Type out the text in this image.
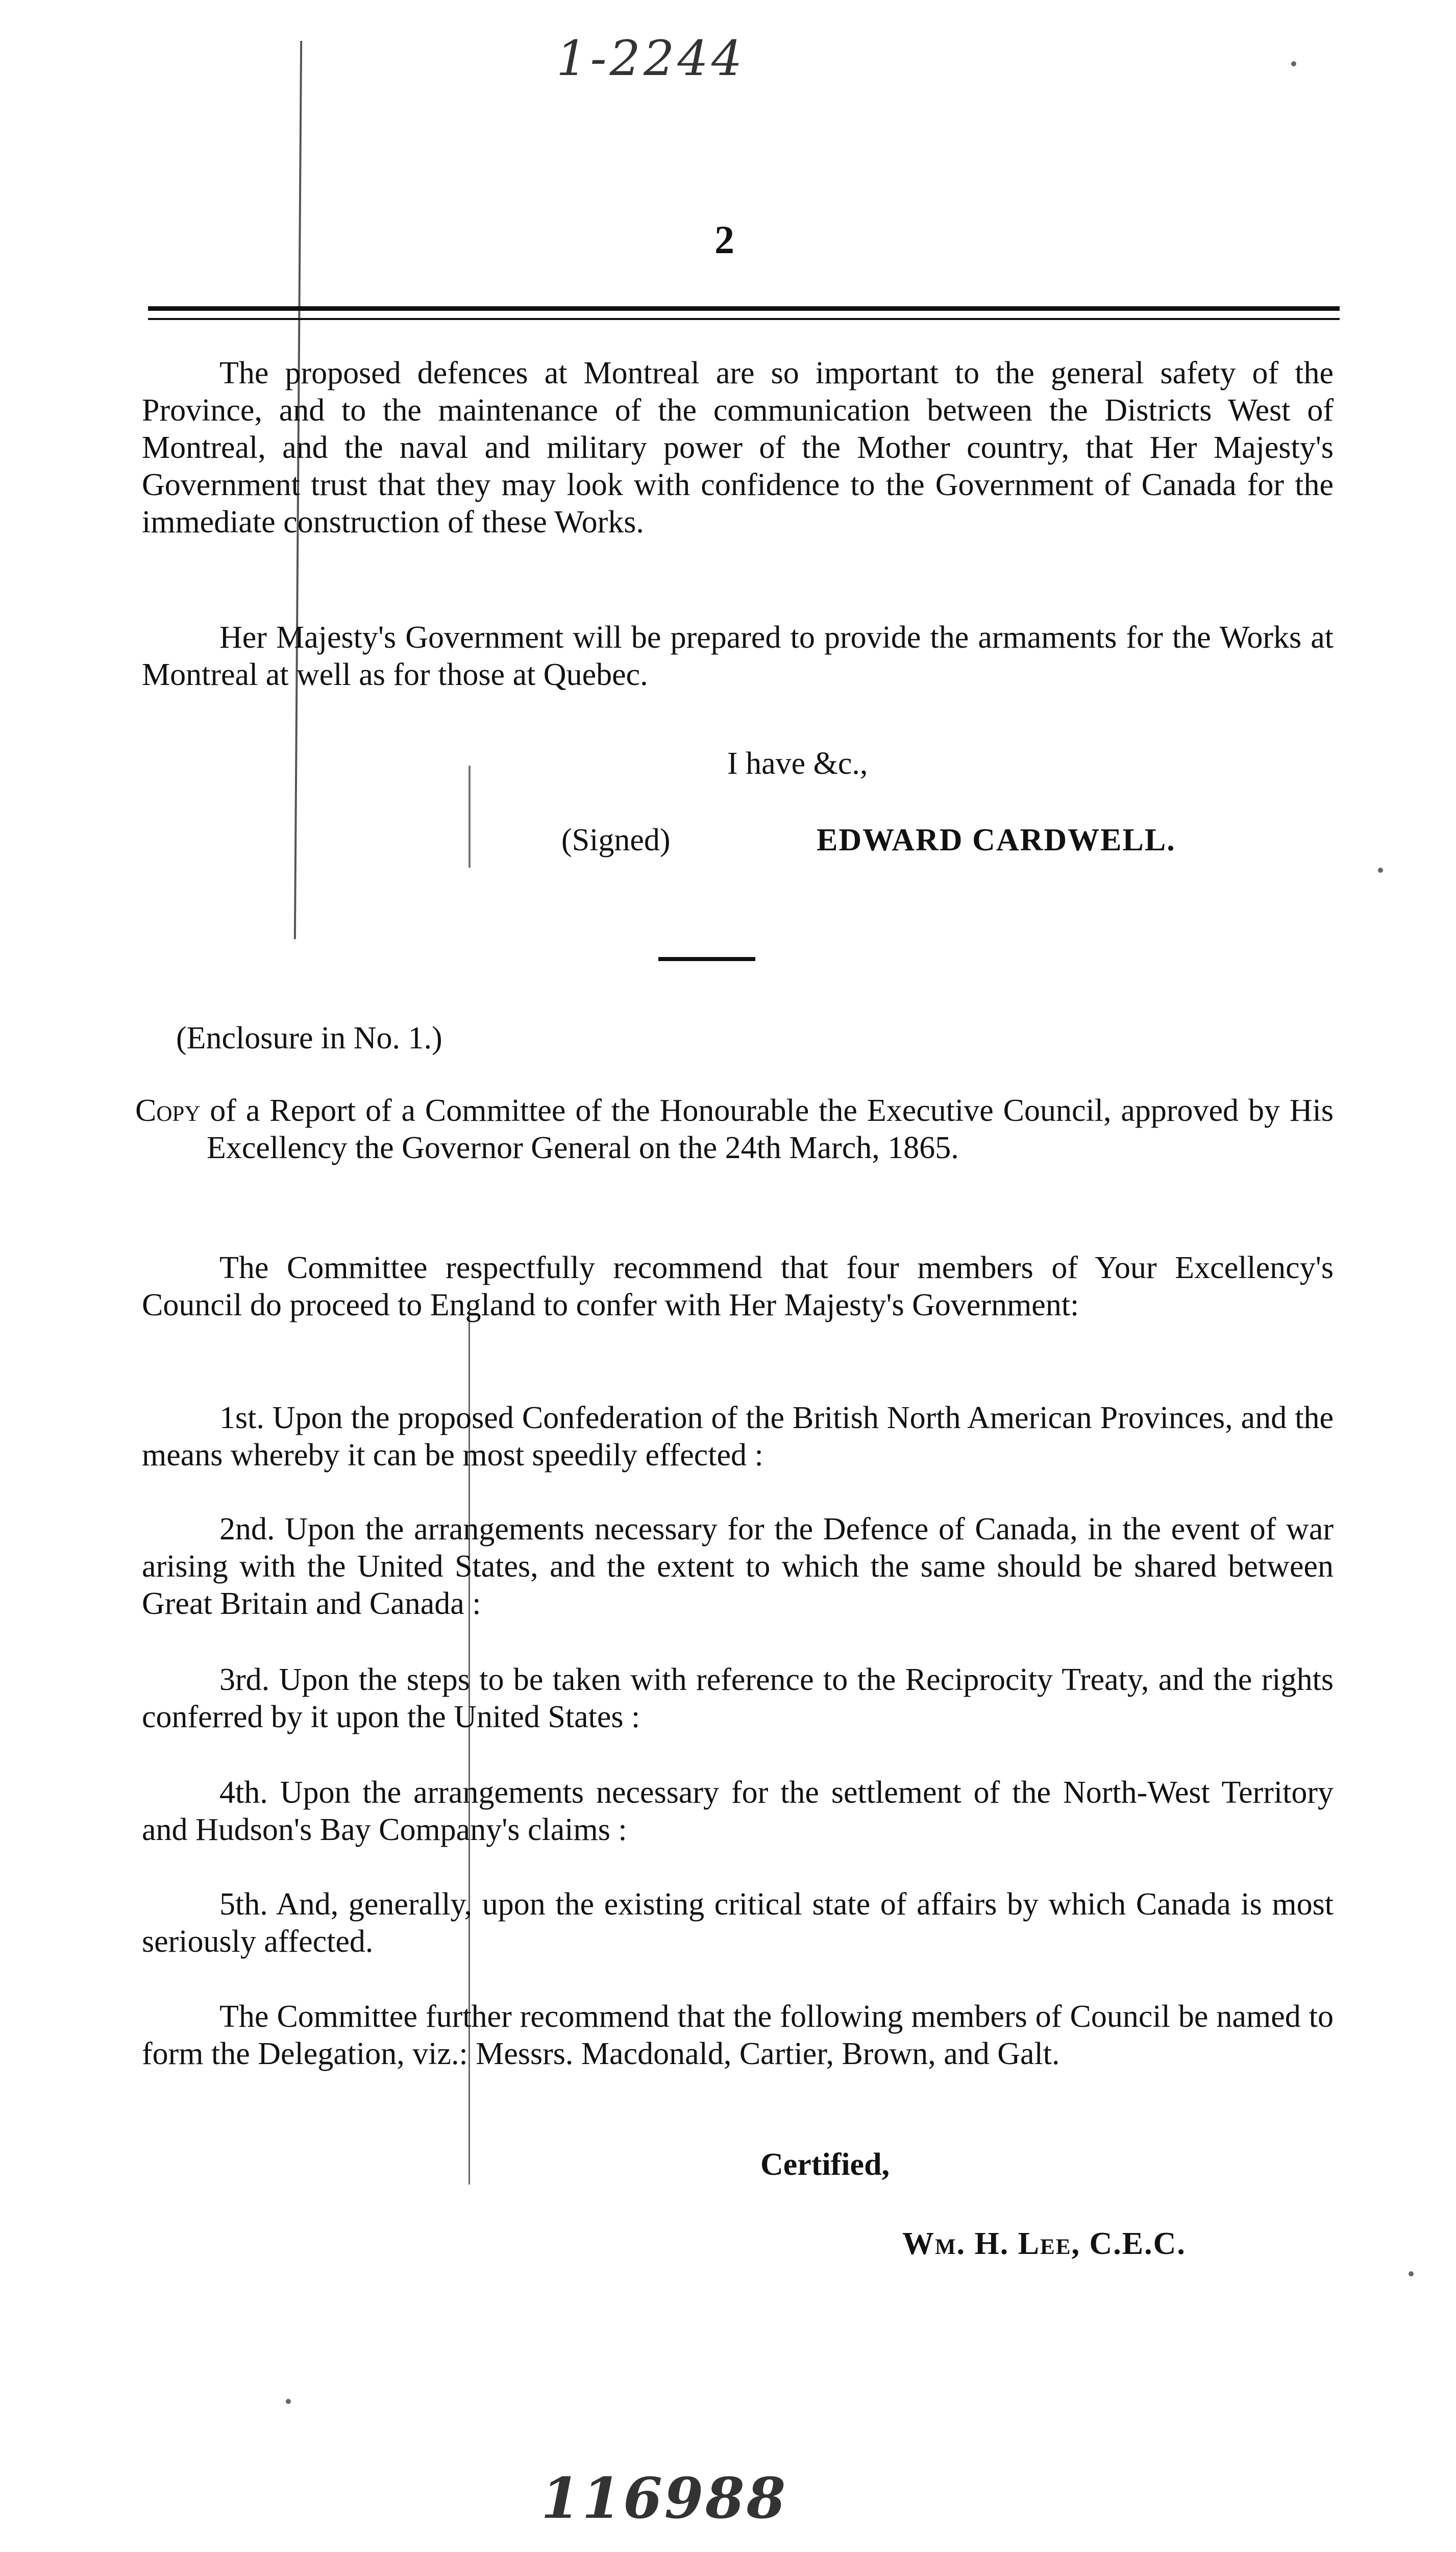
1-2244
2

The proposed defences at Montreal are so important to the general safety of the Province, and to the maintenance of the communication between the Districts West of Montreal, and the naval and military power of the Mother country, that Her Majesty's Government trust that they may look with confidence to the Government of Canada for the immediate construction of these Works.

Her Majesty's Government will be prepared to provide the armaments for the Works at Montreal at well as for those at Quebec.

I have &c.,
(Signed)	EDWARD CARDWELL.
(Enclosure in No. 1.)

Copy of a Report of a Committee of the Honourable the Executive Council, approved by His Excellency the Governor General on the 24th March, 1865.

The Committee respectfully recommend that four members of Your Excellency's Council do proceed to England to confer with Her Majesty's Government:

1st. Upon the proposed Confederation of the British North American Provinces, and the means whereby it can be most speedily effected :

2nd. Upon the arrangements necessary for the Defence of Canada, in the event of war arising with the United States, and the extent to which the same should be shared between Great Britain and Canada :

3rd. Upon the steps to be taken with reference to the Reciprocity Treaty, and the rights conferred by it upon the United States :

4th. Upon the arrangements necessary for the settlement of the North-West Territory and Hudson's Bay Company's claims :

5th. And, generally, upon the existing critical state of affairs by which Canada is most seriously affected.

The Committee further recommend that the following members of Council be named to form the Delegation, viz.: Messrs. Macdonald, Cartier, Brown, and Galt.

Certified,
Wm. H. Lee, C.E.C.
116988
